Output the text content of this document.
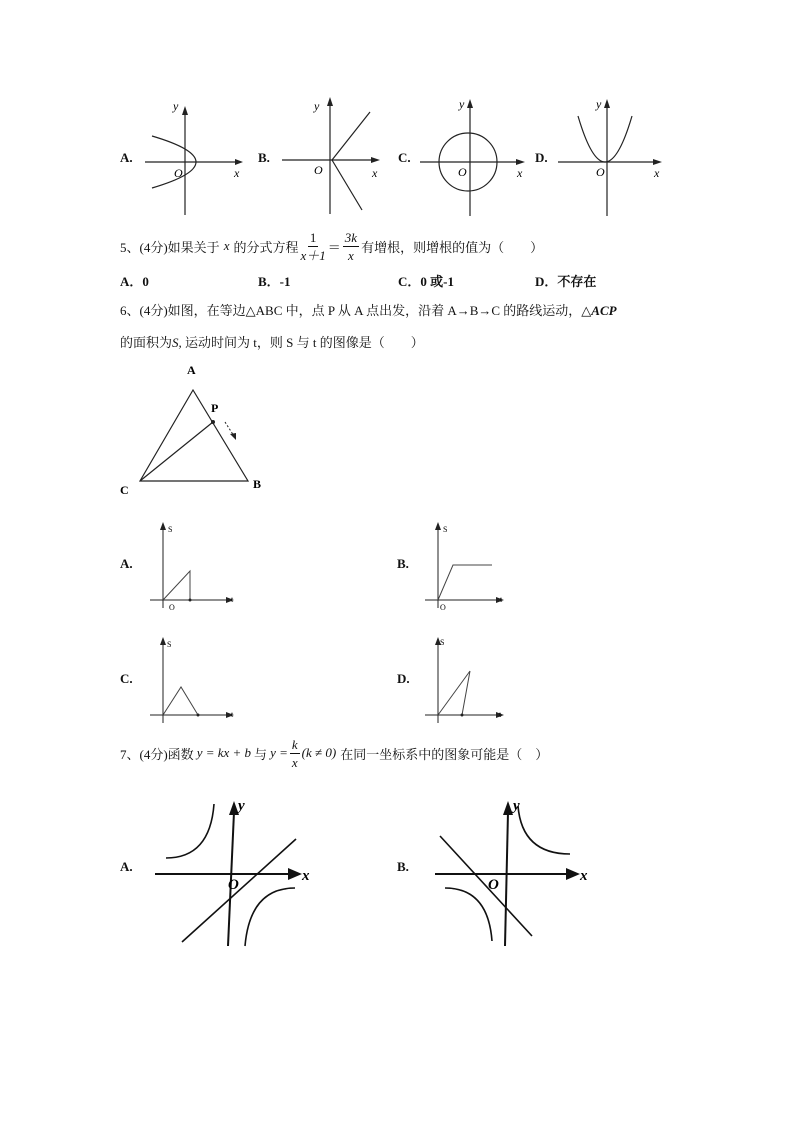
A.
y
O	x
B.
y
O	x
C.
y
O	x
D.
y
O	x
5、(4分) 如果关于 x 的分式方程 $\frac{1}{x+1} = \frac{3k}{x}$ 有增根，则增根的值为（　　）
A．0	B．-1	C．0 或-1	D．不存在
6、(4分)如图，在等边△ABC 中，点 P 从 A 点出发，沿着 A→B→C 的路线运动，△ACP
的面积为S, 运动时间为 t，则 S 与 t 的图像是（　　）
A
P
C	B
A.
S
O
t
B.
S
O
t
C.
S
t
D.
S
t
7、(4分) 函数 y = kx + b 与 $y = \frac{k}{x} (k \ne 0)$ 在同一坐标系中的图象可能是（　）
A.
y
O
x
B.
y
O
x
